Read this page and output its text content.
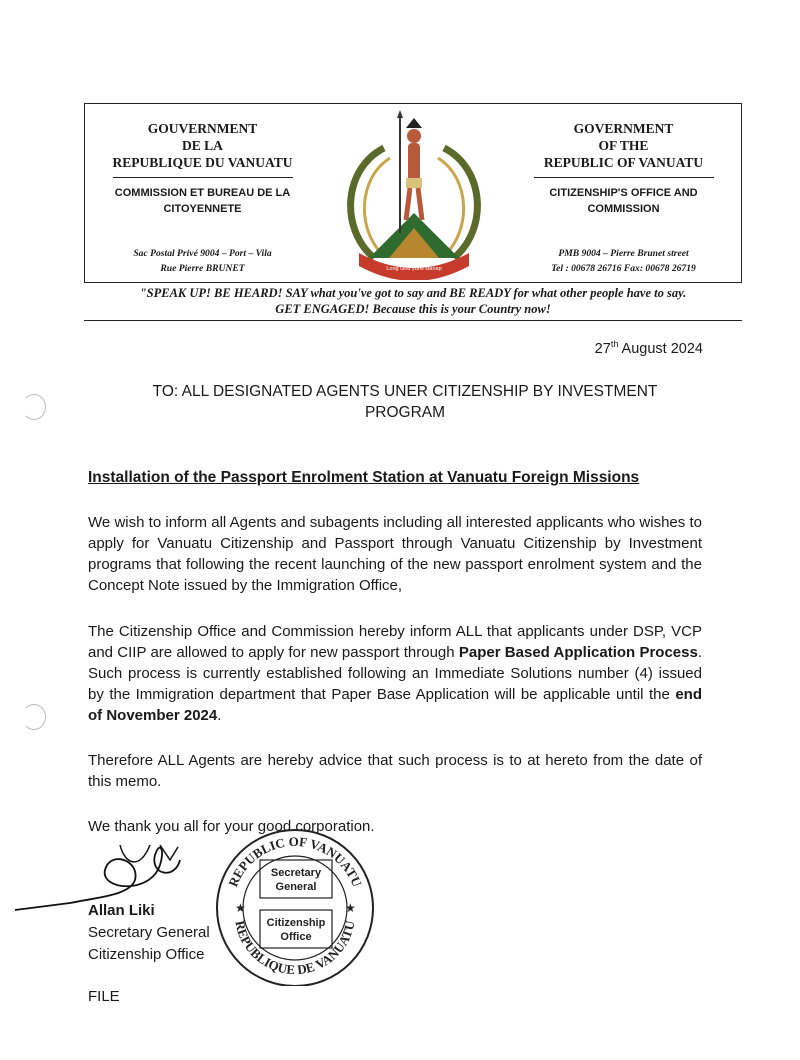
GOUVERNMENT
DE LA
REPUBLIQUE DU VANUATU
COMMISSION ET BUREAU DE LA
CITOYENNETE
Sac Postal Privé 9004 – Port – Vila
Rue Pierre BRUNET	Long God yumi stanap
GOVERNMENT
OF THE
REPUBLIC OF VANUATU
CITIZENSHIP'S OFFICE AND
COMMISSION
PMB 9004 – Pierre Brunet street
Tel : 00678 26716 Fax: 00678 26719
"SPEAK UP! BE HEARD! SAY what you've got to say and BE READY for what other people have to say.
GET ENGAGED! Because this is your Country now!
27th August 2024
TO: ALL DESIGNATED AGENTS UNER CITIZENSHIP BY INVESTMENT
PROGRAM
Installation of the Passport Enrolment Station at Vanuatu Foreign Missions

We wish to inform all Agents and subagents including all interested applicants who wishes to apply for Vanuatu Citizenship and Passport through Vanuatu Citizenship by Investment programs that following the recent launching of the new passport enrolment system and the Concept Note issued by the Immigration Office,

The Citizenship Office and Commission hereby inform ALL that applicants under DSP, VCP and CIIP are allowed to apply for new passport through Paper Based Application Process. Such process is currently established following an Immediate Solutions number (4) issued by the Immigration department that Paper Base Application will be applicable until the end of November 2024.

Therefore ALL Agents are hereby advice that such process is to at hereto from the date of this memo.

We thank you all for your good corporation.
REPUBLIC OF VANUATU
REPUBLIQUE DE VANUATU
Secretary
General
Citizenship
Office
★	★
Allan Liki
Secretary General
Citizenship Office
FILE
